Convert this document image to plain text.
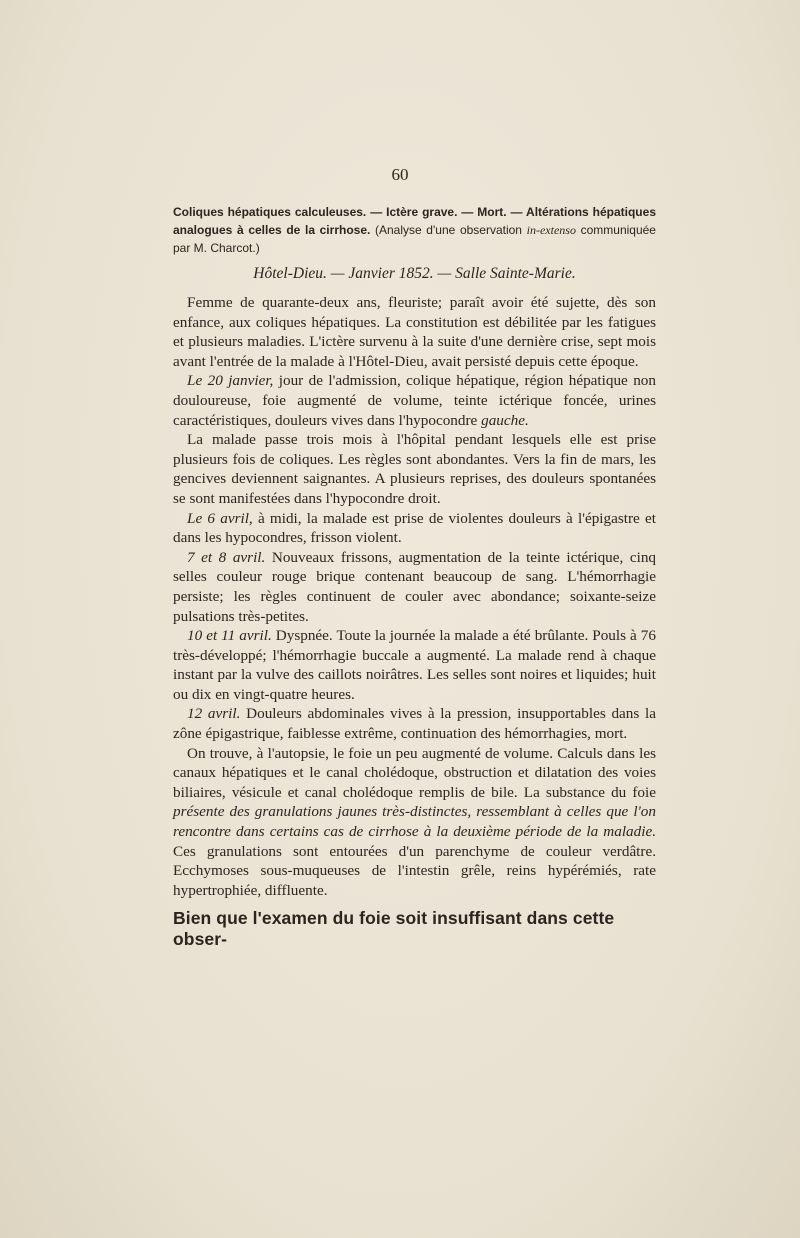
60

Coliques hépatiques calculeuses. — Ictère grave. — Mort. — Altérations hépatiques analogues à celles de la cirrhose. (Analyse d'une observation in-extenso communiquée par M. Charcot.)

Hôtel-Dieu. — Janvier 1852. — Salle Sainte-Marie.

Femme de quarante-deux ans, fleuriste; paraît avoir été sujette, dès son enfance, aux coliques hépatiques. La constitution est débilitée par les fatigues et plusieurs maladies. L'ictère survenu à la suite d'une dernière crise, sept mois avant l'entrée de la malade à l'Hôtel-Dieu, avait persisté depuis cette époque.

Le 20 janvier, jour de l'admission, colique hépatique, région hépatique non douloureuse, foie augmenté de volume, teinte ictérique foncée, urines caractéristiques, douleurs vives dans l'hypocondre gauche.

La malade passe trois mois à l'hôpital pendant lesquels elle est prise plusieurs fois de coliques. Les règles sont abondantes. Vers la fin de mars, les gencives deviennent saignantes. A plusieurs reprises, des douleurs spontanées se sont manifestées dans l'hypocondre droit.

Le 6 avril, à midi, la malade est prise de violentes douleurs à l'épigastre et dans les hypocondres, frisson violent.

7 et 8 avril. Nouveaux frissons, augmentation de la teinte ictérique, cinq selles couleur rouge brique contenant beaucoup de sang. L'hémorrhagie persiste; les règles continuent de couler avec abondance; soixante-seize pulsations très-petites.

10 et 11 avril. Dyspnée. Toute la journée la malade a été brûlante. Pouls à 76 très-développé; l'hémorrhagie buccale a augmenté. La malade rend à chaque instant par la vulve des caillots noirâtres. Les selles sont noires et liquides; huit ou dix en vingt-quatre heures.

12 avril. Douleurs abdominales vives à la pression, insupportables dans la zône épigastrique, faiblesse extrême, continuation des hémorrhagies, mort.

On trouve, à l'autopsie, le foie un peu augmenté de volume. Calculs dans les canaux hépatiques et le canal cholédoque, obstruction et dilatation des voies biliaires, vésicule et canal cholédoque remplis de bile. La substance du foie présente des granulations jaunes très-distinctes, ressemblant à celles que l'on rencontre dans certains cas de cirrhose à la deuxième période de la maladie. Ces granulations sont entourées d'un parenchyme de couleur verdâtre. Ecchymoses sous-muqueuses de l'intestin grêle, reins hypérémiés, rate hypertrophiée, diffluente.

Bien que l'examen du foie soit insuffisant dans cette obser-
